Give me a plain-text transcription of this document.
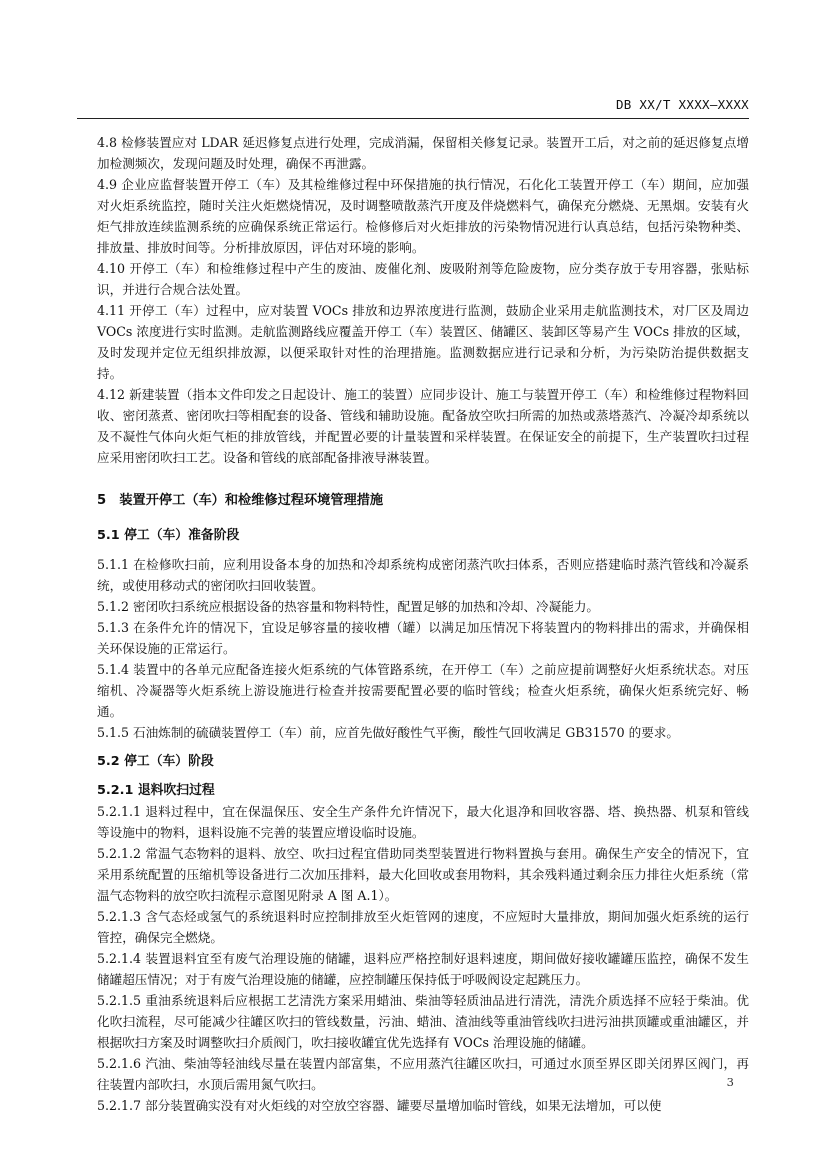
DB XX/T XXXX—XXXX

4.8 检修装置应对 LDAR 延迟修复点进行处理，完成消漏，保留相关修复记录。装置开工后，对之前的延迟修复点增加检测频次，发现问题及时处理，确保不再泄露。

4.9 企业应监督装置开停工（车）及其检维修过程中环保措施的执行情况，石化化工装置开停工（车）期间，应加强对火炬系统监控，随时关注火炬燃烧情况，及时调整喷散蒸汽开度及伴烧燃料气，确保充分燃烧、无黑烟。安装有火炬气排放连续监测系统的应确保系统正常运行。检修修后对火炬排放的污染物情况进行认真总结，包括污染物种类、排放量、排放时间等。分析排放原因，评估对环境的影响。

4.10 开停工（车）和检维修过程中产生的废油、废催化剂、废吸附剂等危险废物，应分类存放于专用容器，张贴标识，并进行合规合法处置。

4.11 开停工（车）过程中，应对装置 VOCs 排放和边界浓度进行监测，鼓励企业采用走航监测技术，对厂区及周边 VOCs 浓度进行实时监测。走航监测路线应覆盖开停工（车）装置区、储罐区、装卸区等易产生 VOCs 排放的区域，及时发现并定位无组织排放源，以便采取针对性的治理措施。监测数据应进行记录和分析，为污染防治提供数据支持。

4.12 新建装置（指本文件印发之日起设计、施工的装置）应同步设计、施工与装置开停工（车）和检维修过程物料回收、密闭蒸煮、密闭吹扫等相配套的设备、管线和辅助设施。配备放空吹扫所需的加热或蒸塔蒸汽、冷凝冷却系统以及不凝性气体向火炬气柜的排放管线，并配置必要的计量装置和采样装置。在保证安全的前提下，生产装置吹扫过程应采用密闭吹扫工艺。设备和管线的底部配备排液导淋装置。

5　装置开停工（车）和检维修过程环境管理措施

5.1 停工（车）准备阶段

5.1.1 在检修吹扫前，应利用设备本身的加热和冷却系统构成密闭蒸汽吹扫体系，否则应搭建临时蒸汽管线和冷凝系统，或使用移动式的密闭吹扫回收装置。

5.1.2 密闭吹扫系统应根据设备的热容量和物料特性，配置足够的加热和冷却、冷凝能力。

5.1.3 在条件允许的情况下，宜设足够容量的接收槽（罐）以满足加压情况下将装置内的物料排出的需求，并确保相关环保设施的正常运行。

5.1.4 装置中的各单元应配备连接火炬系统的气体管路系统，在开停工（车）之前应提前调整好火炬系统状态。对压缩机、冷凝器等火炬系统上游设施进行检查并按需要配置必要的临时管线；检查火炬系统，确保火炬系统完好、畅通。

5.1.5 石油炼制的硫磺装置停工（车）前，应首先做好酸性气平衡，酸性气回收满足 GB31570 的要求。

5.2 停工（车）阶段

5.2.1 退料吹扫过程

5.2.1.1 退料过程中，宜在保温保压、安全生产条件允许情况下，最大化退净和回收容器、塔、换热器、机泵和管线等设施中的物料，退料设施不完善的装置应增设临时设施。

5.2.1.2 常温气态物料的退料、放空、吹扫过程宜借助同类型装置进行物料置换与套用。确保生产安全的情况下，宜采用系统配置的压缩机等设备进行二次加压排料，最大化回收或套用物料，其余残料通过剩余压力排往火炬系统（常温气态物料的放空吹扫流程示意图见附录 A 图 A.1）。

5.2.1.3 含气态烃或氢气的系统退料时应控制排放至火炬管网的速度，不应短时大量排放，期间加强火炬系统的运行管控，确保完全燃烧。

5.2.1.4 装置退料宜至有废气治理设施的储罐，退料应严格控制好退料速度，期间做好接收罐罐压监控，确保不发生储罐超压情况；对于有废气治理设施的储罐，应控制罐压保持低于呼吸阀设定起跳压力。

5.2.1.5 重油系统退料后应根据工艺清洗方案采用蜡油、柴油等轻质油品进行清洗，清洗介质选择不应轻于柴油。优化吹扫流程，尽可能减少往罐区吹扫的管线数量，污油、蜡油、渣油线等重油管线吹扫进污油拱顶罐或重油罐区，并根据吹扫方案及时调整吹扫介质阀门，吹扫接收罐宜优先选择有 VOCs 治理设施的储罐。

5.2.1.6 汽油、柴油等轻油线尽量在装置内部富集，不应用蒸汽往罐区吹扫，可通过水顶至界区即关闭界区阀门，再往装置内部吹扫，水顶后需用氮气吹扫。

5.2.1.7 部分装置确实没有对火炬线的对空放空容器、罐要尽量增加临时管线，如果无法增加，可以使

3
